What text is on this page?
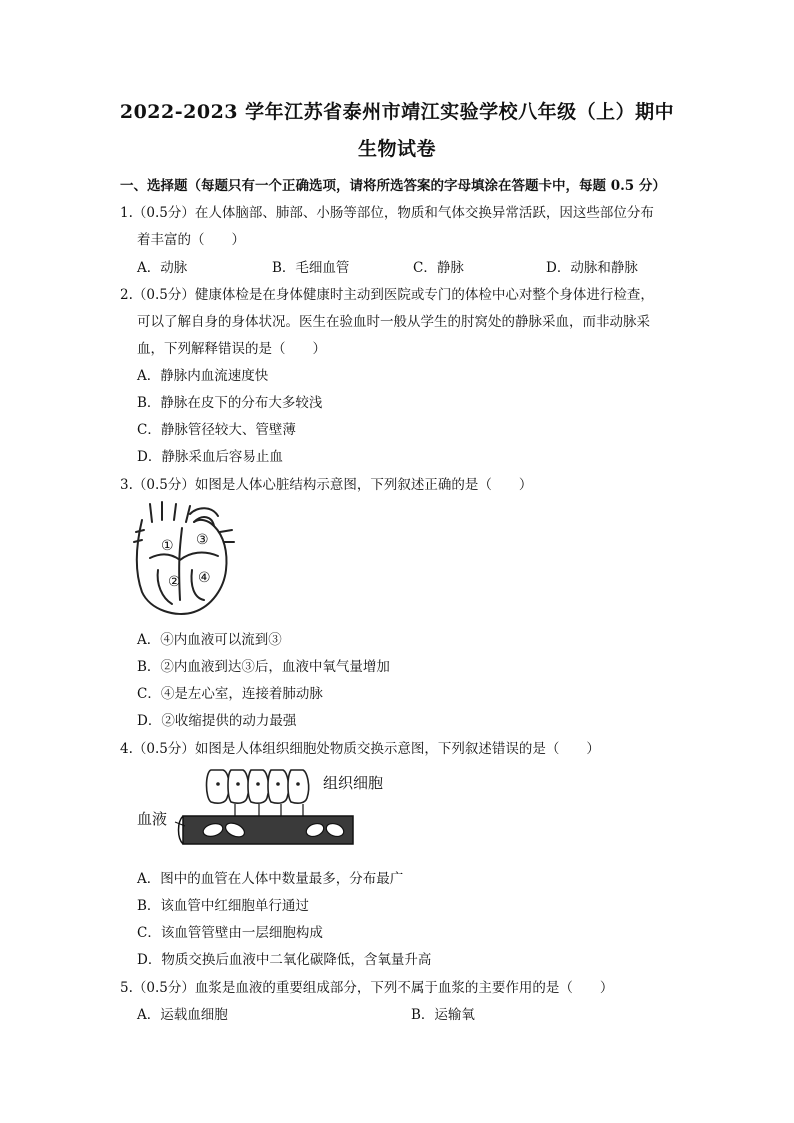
2022-2023 学年江苏省泰州市靖江实验学校八年级（上）期中
生物试卷
一、选择题（每题只有一个正确选项，请将所选答案的字母填涂在答题卡中，每题 0.5 分）
1.（0.5分）在人体脑部、肺部、小肠等部位，物质和气体交换异常活跃，因这些部位分布
着丰富的（　　）
A．动脉	B．毛细血管	C．静脉	D．动脉和静脉
2.（0.5分）健康体检是在身体健康时主动到医院或专门的体检中心对整个身体进行检查，
可以了解自身的身体状况。医生在验血时一般从学生的肘窝处的静脉采血，而非动脉采
血，下列解释错误的是（　　）
A．静脉内血流速度快
B．静脉在皮下的分布大多较浅
C．静脉管径较大、管壁薄
D．静脉采血后容易止血
3.（0.5分）如图是人体心脏结构示意图，下列叙述正确的是（　　）
①
②
③
④
A．④内血液可以流到③
B．②内血液到达③后，血液中氧气量增加
C．④是左心室，连接着肺动脉
D．②收缩提供的动力最强
4.（0.5分）如图是人体组织细胞处物质交换示意图，下列叙述错误的是（　　）
组织细胞
血液
A．图中的血管在人体中数量最多，分布最广
B．该血管中红细胞单行通过
C．该血管管壁由一层细胞构成
D．物质交换后血液中二氧化碳降低，含氧量升高
5.（0.5分）血浆是血液的重要组成部分，下列不属于血浆的主要作用的是（　　）
A．运载血细胞	B．运输氧
